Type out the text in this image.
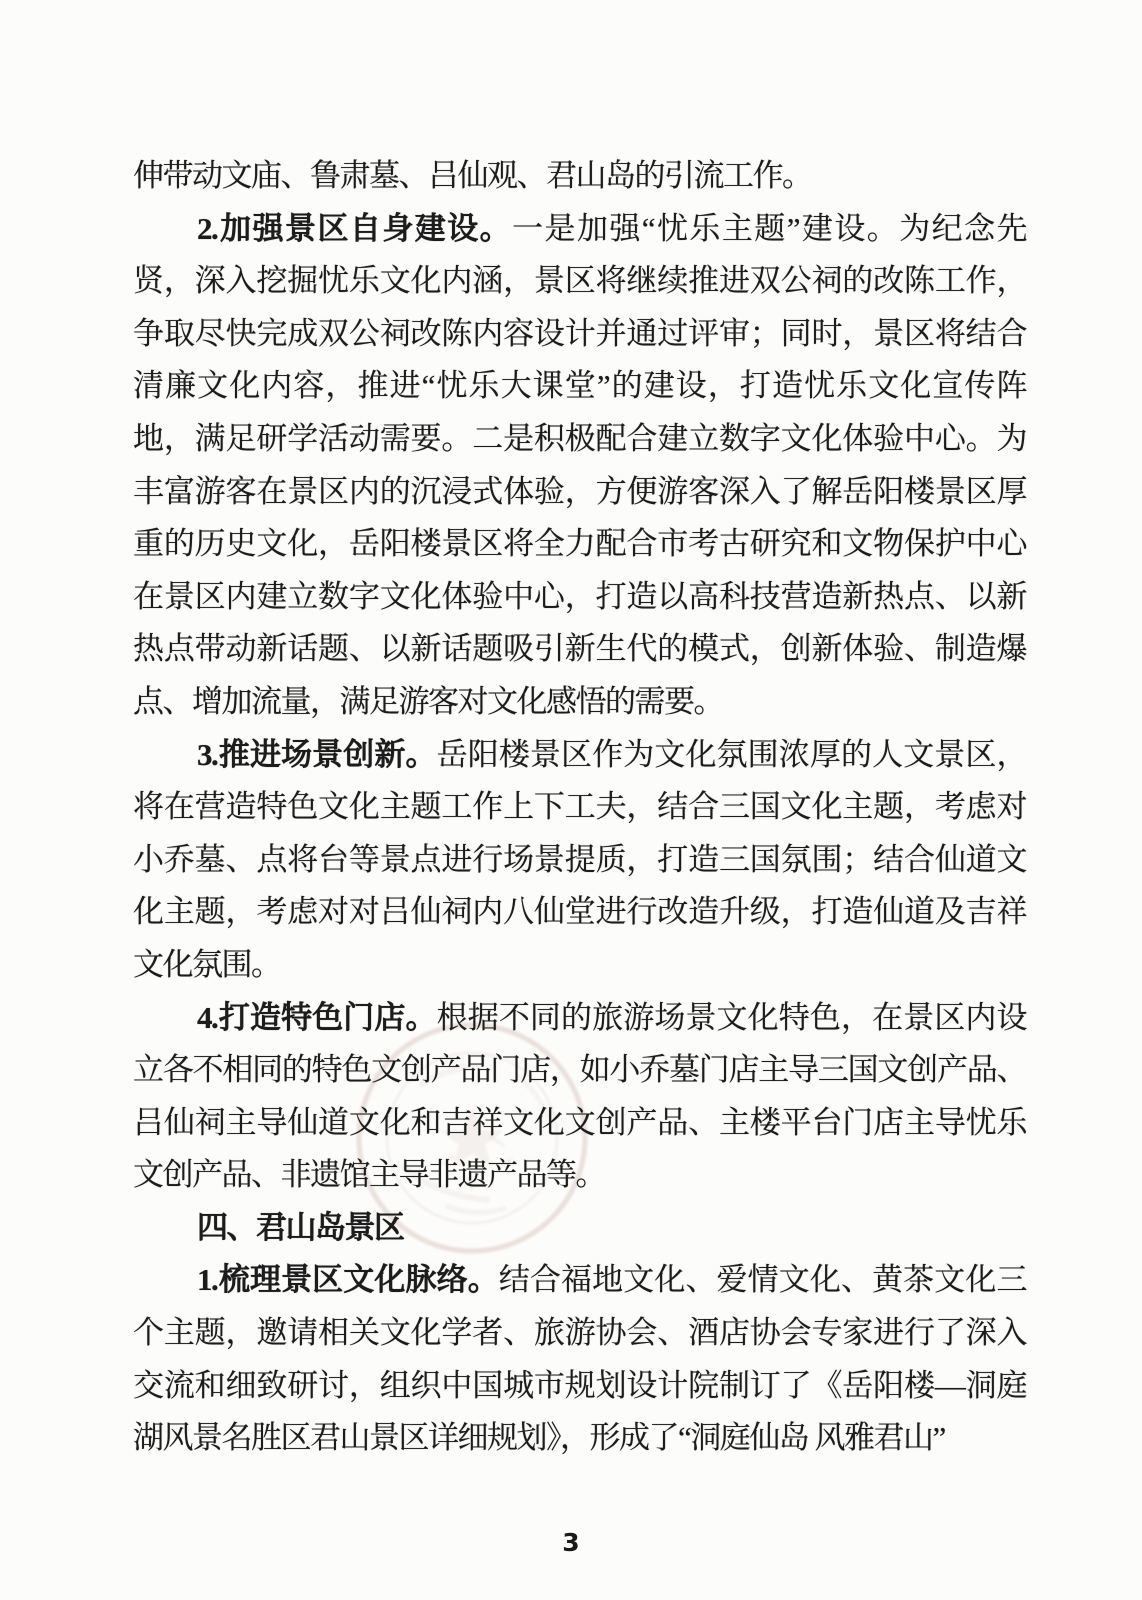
伸带动文庙、鲁肃墓、吕仙观、君山岛的引流工作。
2.加强景区自身建设。一是加强“忧乐主题”建设。为纪念先
贤，深入挖掘忧乐文化内涵，景区将继续推进双公祠的改陈工作，
争取尽快完成双公祠改陈内容设计并通过评审；同时，景区将结合
清廉文化内容，推进“忧乐大课堂”的建设，打造忧乐文化宣传阵
地，满足研学活动需要。二是积极配合建立数字文化体验中心。为
丰富游客在景区内的沉浸式体验，方便游客深入了解岳阳楼景区厚
重的历史文化，岳阳楼景区将全力配合市考古研究和文物保护中心
在景区内建立数字文化体验中心，打造以高科技营造新热点、以新
热点带动新话题、以新话题吸引新生代的模式，创新体验、制造爆
点、增加流量，满足游客对文化感悟的需要。
3.推进场景创新。岳阳楼景区作为文化氛围浓厚的人文景区，
将在营造特色文化主题工作上下工夫，结合三国文化主题，考虑对
小乔墓、点将台等景点进行场景提质，打造三国氛围；结合仙道文
化主题，考虑对对吕仙祠内八仙堂进行改造升级，打造仙道及吉祥
文化氛围。
4.打造特色门店。根据不同的旅游场景文化特色，在景区内设
立各不相同的特色文创产品门店，如小乔墓门店主导三国文创产品、
吕仙祠主导仙道文化和吉祥文化文创产品、主楼平台门店主导忧乐
文创产品、非遗馆主导非遗产品等。
四、君山岛景区
1.梳理景区文化脉络。结合福地文化、爱情文化、黄茶文化三
个主题，邀请相关文化学者、旅游协会、酒店协会专家进行了深入
交流和细致研讨，组织中国城市规划设计院制订了《岳阳楼—洞庭
湖风景名胜区君山景区详细规划》，形成了“洞庭仙岛 风雅君山”
3
